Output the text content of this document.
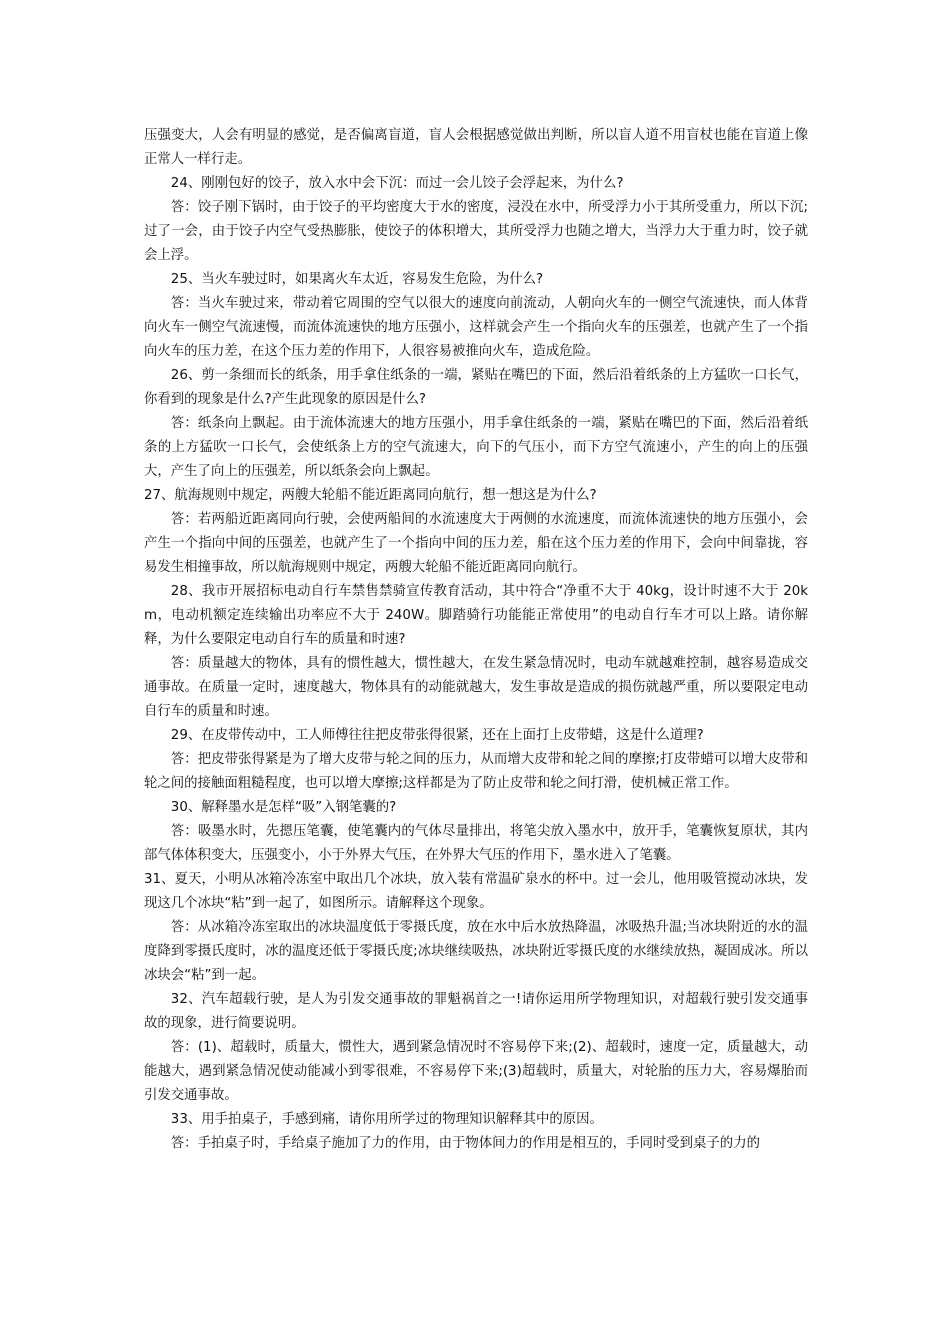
压强变大，人会有明显的感觉，是否偏离盲道，盲人会根据感觉做出判断，所以盲人道不用盲杖也能在盲道上像正常人一样行走。

24、刚刚包好的饺子，放入水中会下沉：而过一会儿饺子会浮起来，为什么?

答：饺子刚下锅时，由于饺子的平均密度大于水的密度，浸没在水中，所受浮力小于其所受重力，所以下沉;过了一会，由于饺子内空气受热膨胀，使饺子的体积增大，其所受浮力也随之增大，当浮力大于重力时，饺子就会上浮。

25、当火车驶过时，如果离火车太近，容易发生危险，为什么?

答：当火车驶过来，带动着它周围的空气以很大的速度向前流动，人朝向火车的一侧空气流速快，而人体背向火车一侧空气流速慢，而流体流速快的地方压强小，这样就会产生一个指向火车的压强差，也就产生了一个指向火车的压力差，在这个压力差的作用下，人很容易被推向火车，造成危险。

26、剪一条细而长的纸条，用手拿住纸条的一端，紧贴在嘴巴的下面，然后沿着纸条的上方猛吹一口长气，你看到的现象是什么?产生此现象的原因是什么?

答：纸条向上飘起。由于流体流速大的地方压强小，用手拿住纸条的一端，紧贴在嘴巴的下面，然后沿着纸条的上方猛吹一口长气，会使纸条上方的空气流速大，向下的气压小，而下方空气流速小，产生的向上的压强大，产生了向上的压强差，所以纸条会向上飘起。

27、航海规则中规定，两艘大轮船不能近距离同向航行，想一想这是为什么?

答：若两船近距离同向行驶，会使两船间的水流速度大于两侧的水流速度，而流体流速快的地方压强小，会产生一个指向中间的压强差，也就产生了一个指向中间的压力差，船在这个压力差的作用下，会向中间靠拢，容易发生相撞事故，所以航海规则中规定，两艘大轮船不能近距离同向航行。

28、我市开展招标电动自行车禁售禁骑宣传教育活动，其中符合“净重不大于 40kg，设计时速不大于 20km，电动机额定连续输出功率应不大于 240W。脚踏骑行功能能正常使用”的电动自行车才可以上路。请你解释，为什么要限定电动自行车的质量和时速?

答：质量越大的物体，具有的惯性越大，惯性越大，在发生紧急情况时，电动车就越难控制，越容易造成交通事故。在质量一定时，速度越大，物体具有的动能就越大，发生事故是造成的损伤就越严重，所以要限定电动自行车的质量和时速。

29、在皮带传动中，工人师傅往往把皮带张得很紧，还在上面打上皮带蜡，这是什么道理?

答：把皮带张得紧是为了增大皮带与轮之间的压力，从而增大皮带和轮之间的摩擦;打皮带蜡可以增大皮带和轮之间的接触面粗糙程度，也可以增大摩擦;这样都是为了防止皮带和轮之间打滑，使机械正常工作。

30、解释墨水是怎样“吸”入钢笔囊的?

答：吸墨水时，先摁压笔囊，使笔囊内的气体尽量排出，将笔尖放入墨水中，放开手，笔囊恢复原状，其内部气体体积变大，压强变小，小于外界大气压，在外界大气压的作用下，墨水进入了笔囊。

31、夏天，小明从冰箱冷冻室中取出几个冰块，放入装有常温矿泉水的杯中。过一会儿，他用吸管搅动冰块，发现这几个冰块“粘”到一起了，如图所示。请解释这个现象。

答：从冰箱冷冻室取出的冰块温度低于零摄氏度，放在水中后水放热降温，冰吸热升温;当冰块附近的水的温度降到零摄氏度时，冰的温度还低于零摄氏度;冰块继续吸热，冰块附近零摄氏度的水继续放热，凝固成冰。所以冰块会“粘”到一起。

32、汽车超载行驶，是人为引发交通事故的罪魁祸首之一!请你运用所学物理知识，对超载行驶引发交通事故的现象，进行简要说明。

答：(1)、超载时，质量大，惯性大，遇到紧急情况时不容易停下来;(2)、超载时，速度一定，质量越大，动能越大，遇到紧急情况使动能减小到零很难，不容易停下来;(3)超载时，质量大，对轮胎的压力大，容易爆胎而引发交通事故。

33、用手拍桌子，手感到痛，请你用所学过的物理知识解释其中的原因。

答：手拍桌子时，手给桌子施加了力的作用，由于物体间力的作用是相互的，手同时受到桌子的力的
